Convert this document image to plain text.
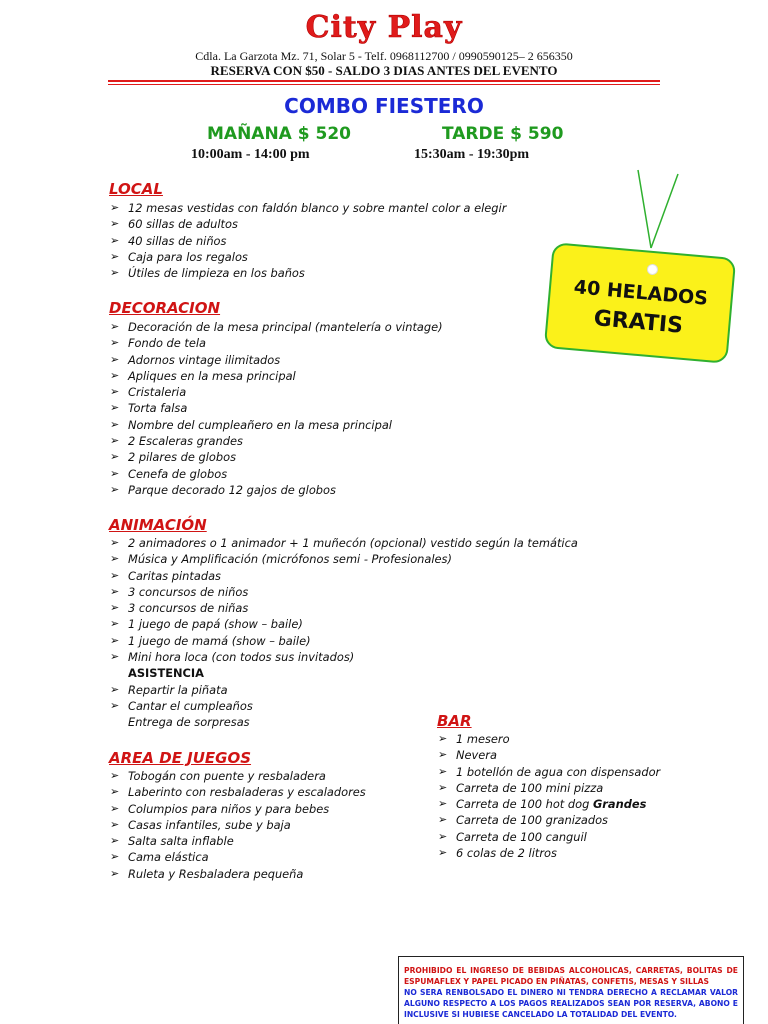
City Play
Cdla. La Garzota Mz. 71, Solar 5 - Telf. 0968112700 / 0990590125– 2 656350
RESERVA CON $50 - SALDO 3 DIAS ANTES DEL EVENTO
COMBO FIESTERO
MAÑANA $ 520	TARDE $ 590
10:00am - 14:00 pm	15:30am - 19:30pm
40 HELADOS
GRATIS
LOCAL
➢ 12 mesas vestidas con faldón blanco y sobre mantel color a elegir
➢ 60 sillas de adultos
➢ 40 sillas de niños
➢ Caja para los regalos
➢ Útiles de limpieza en los baños
DECORACION
➢ Decoración de la mesa principal (mantelería o vintage)
➢ Fondo de tela
➢ Adornos vintage ilimitados
➢ Apliques en la mesa principal
➢ Cristaleria
➢ Torta falsa
➢ Nombre del cumpleañero en la mesa principal
➢ 2 Escaleras grandes
➢ 2 pilares de globos
➢ Cenefa de globos
➢ Parque decorado 12 gajos de globos
ANIMACIÓN
➢ 2 animadores o 1 animador + 1 muñecón (opcional) vestido según la temática
➢ Música y Amplificación (micrófonos semi - Profesionales)
➢ Caritas pintadas
➢ 3 concursos de niños
➢ 3 concursos de niñas
➢ 1 juego de papá (show – baile)
➢ 1 juego de mamá (show – baile)
➢ Mini hora loca (con todos sus invitados)
ASISTENCIA
➢ Repartir la piñata
➢ Cantar el cumpleaños
Entrega de sorpresas
AREA DE JUEGOS
➢ Tobogán con puente y resbaladera
➢ Laberinto con resbaladeras y escaladores
➢ Columpios para niños y para bebes
➢ Casas infantiles, sube y baja
➢ Salta salta inflable
➢ Cama elástica
➢ Ruleta y Resbaladera pequeña
BAR
➢ 1 mesero
➢ Nevera
➢ 1 botellón de agua con dispensador
➢ Carreta de 100 mini pizza
➢ Carreta de 100 hot dog Grandes
➢ Carreta de 100 granizados
➢ Carreta de 100 canguil
➢ 6 colas de 2 litros
PROHIBIDO EL INGRESO DE BEBIDAS ALCOHOLICAS, CARRETAS, BOLITAS DE ESPUMAFLEX Y PAPEL PICADO EN PIÑATAS, CONFETIS, MESAS Y SILLAS
NO SERA RENBOLSADO EL DINERO NI TENDRA DERECHO A RECLAMAR VALOR ALGUNO RESPECTO A LOS PAGOS REALIZADOS SEAN POR RESERVA, ABONO E INCLUSIVE SI HUBIESE CANCELADO LA TOTALIDAD DEL EVENTO.
